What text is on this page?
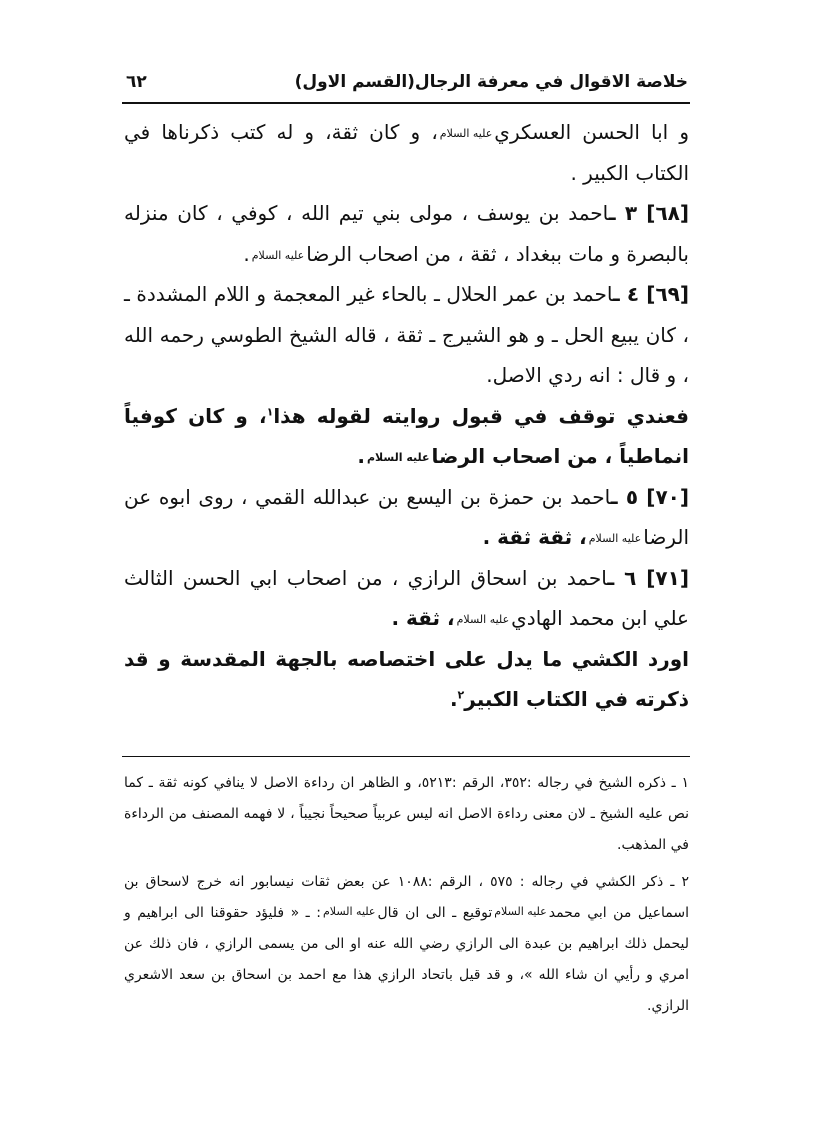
خلاصة الاقوال في معرفة الرجال(القسم الاول)
٦٢

و ابا الحسن العسكريعليه السلام، و كان ثقة، و له كتب ذكرناها في الكتاب الكبير .

[٦٨] ٣ ـاحمد بن يوسف ، مولى بني تيم الله ، كوفي ، كان منزله بالبصرة و مات ببغداد ، ثقة ، من اصحاب الرضاعليه السلام.

[٦٩] ٤ ـاحمد بن عمر الحلال ـ بالحاء غير المعجمة و اللام المشددة ـ ، كان يبيع الحل ـ و هو الشيرج ـ ثقة ، قاله الشيخ الطوسي رحمه الله ، و قال : انه ردي الاصل.

فعندي توقف في قبول روايته لقوله هذا$^١$، و كان كوفياً انماطياً ، من اصحاب الرضاعليه السلام.

[٧٠] ٥ ـاحمد بن حمزة بن اليسع بن عبدالله القمي ، روى ابوه عن الرضاعليه السلام، ثقة ثقة .

[٧١] ٦ ـاحمد بن اسحاق الرازي ، من اصحاب ابي الحسن الثالث علي ابن محمد الهاديعليه السلام، ثقة .

اورد الكشي ما يدل على اختصاصه بالجهة المقدسة و قد ذكرته في الكتاب الكبير$^٢$.

١ ـ ذكره الشيخ في رجاله :٣٥٢، الرقم :٥٢١٣، و الظاهر ان رداءة الاصل لا ينافي كونه ثقة ـ كما نص عليه الشيخ ـ لان معنى رداءة الاصل انه ليس عربياً صحيحاً نجيباً ، لا فهمه المصنف من الرداءة في المذهب.

٢ ـ ذكر الكشي في رجاله : ٥٧٥ ، الرقم :١٠٨٨ عن بعض ثقات نيسابور انه خرج لاسحاق بن اسماعيل من ابي محمدعليه السلامتوقيع ـ الى ان قالعليه السلام: ـ « فليؤد حقوقنا الى ابراهيم و ليحمل ذلك ابراهيم بن عبدة الى الرازي رضي الله عنه او الى من يسمى الرازي ، فان ذلك عن امري و رأيي ان شاء الله »، و قد قيل باتحاد الرازي هذا مع احمد بن اسحاق بن سعد الاشعري الرازي.
